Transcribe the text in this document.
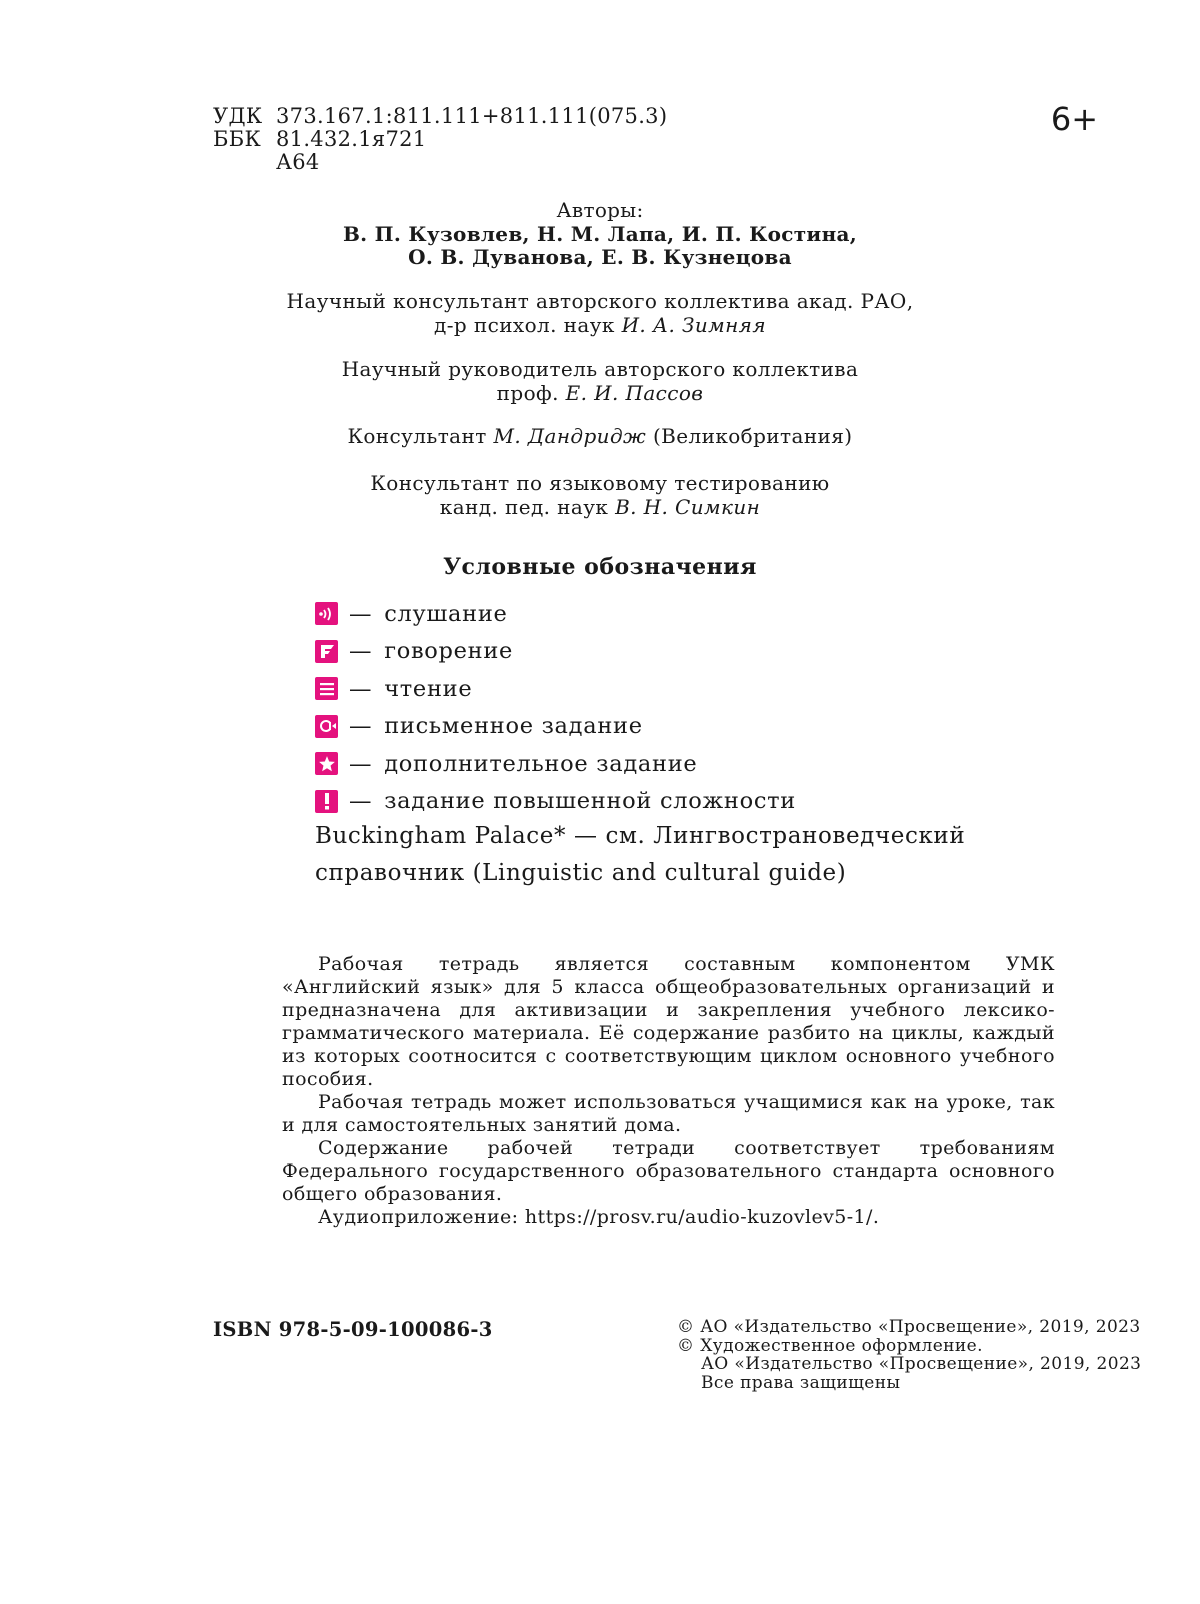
УДК 373.167.1:811.111+811.111(075.3)
ББК 81.432.1я721
А64
6+
Авторы:
В. П. Кузовлев, Н. М. Лапа, И. П. Костина,
О. В. Дуванова, Е. В. Кузнецова
Научный консультант авторского коллектива акад. РАО,
д-р психол. наук И. А. Зимняя
Научный руководитель авторского коллектива
проф. Е. И. Пассов
Консультант М. Дандридж (Великобритания)
Консультант по языковому тестированию
канд. пед. наук В. Н. Симкин
Условные обозначения
— слушание
— говорение
— чтение
— письменное задание
— дополнительное задание
— задание повышенной сложности
Buckingham Palace* — см. Лингвострановедческий
справочник (Linguistic and cultural guide)

Рабочая тетрадь является составным компонентом УМК «Английский язык» для 5 класса общеобразовательных организаций и предназначена для активизации и закрепления учебного лексико-грамматического материала. Её содержание разбито на циклы, каждый из которых соотносится с соответствующим циклом основного учебного пособия.

Рабочая тетрадь может использоваться учащимися как на уроке, так и для самостоятельных занятий дома.

Содержание рабочей тетради соответствует требованиям Федерального государственного образовательного стандарта основного общего образования.

Аудиоприложение: https://prosv.ru/audio-kuzovlev5-1/.

ISBN 978-5-09-100086-3	© АО «Издательство «Просвещение», 2019, 2023
© Художественное оформление.
АО «Издательство «Просвещение», 2019, 2023
Все права защищены
